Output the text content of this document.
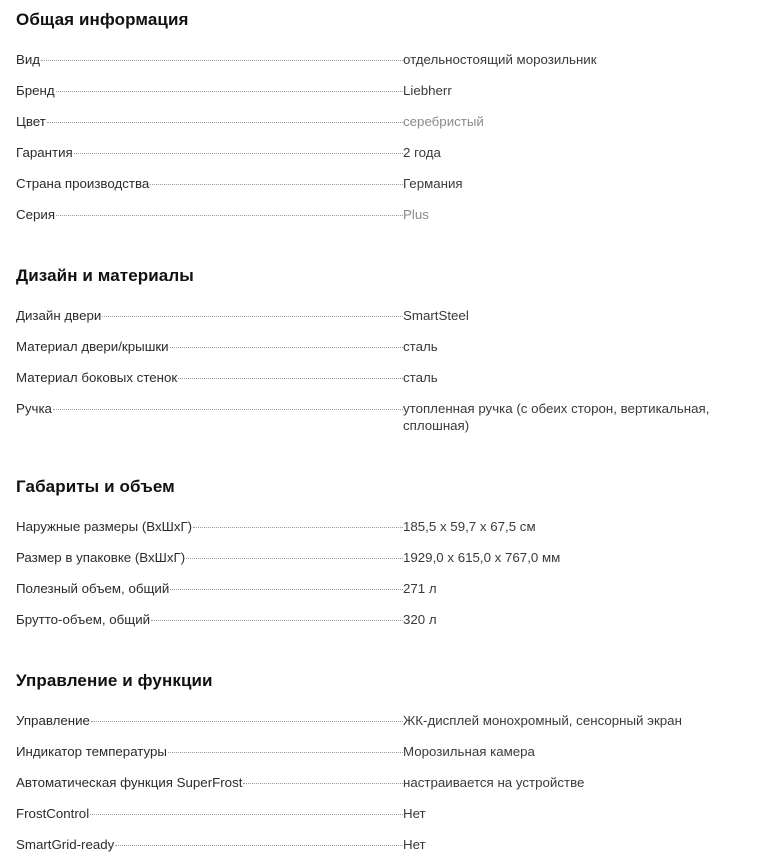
Общая информация
Вид	отдельностоящий морозильник
Бренд	Liebherr
Цвет	серебристый
Гарантия	2 года
Страна производства	Германия
Серия	Plus
Дизайн и материалы
Дизайн двери	SmartSteel
Материал двери/крышки	сталь
Материал боковых стенок	сталь
Ручка	утопленная ручка (с обеих сторон, вертикальная, сплошная)
Габариты и объем
Наружные размеры (ВхШхГ)	185,5 x 59,7 x 67,5 см
Размер в упаковке (ВхШхГ)	1929,0 x 615,0 x 767,0 мм
Полезный объем, общий	271 л
Брутто-объем, общий	320 л
Управление и функции
Управление	ЖК-дисплей монохромный, сенсорный экран
Индикатор температуры	Морозильная камера
Автоматическая функция SuperFrost	настраивается на устройстве
FrostControl	Нет
SmartGrid-ready	Нет
